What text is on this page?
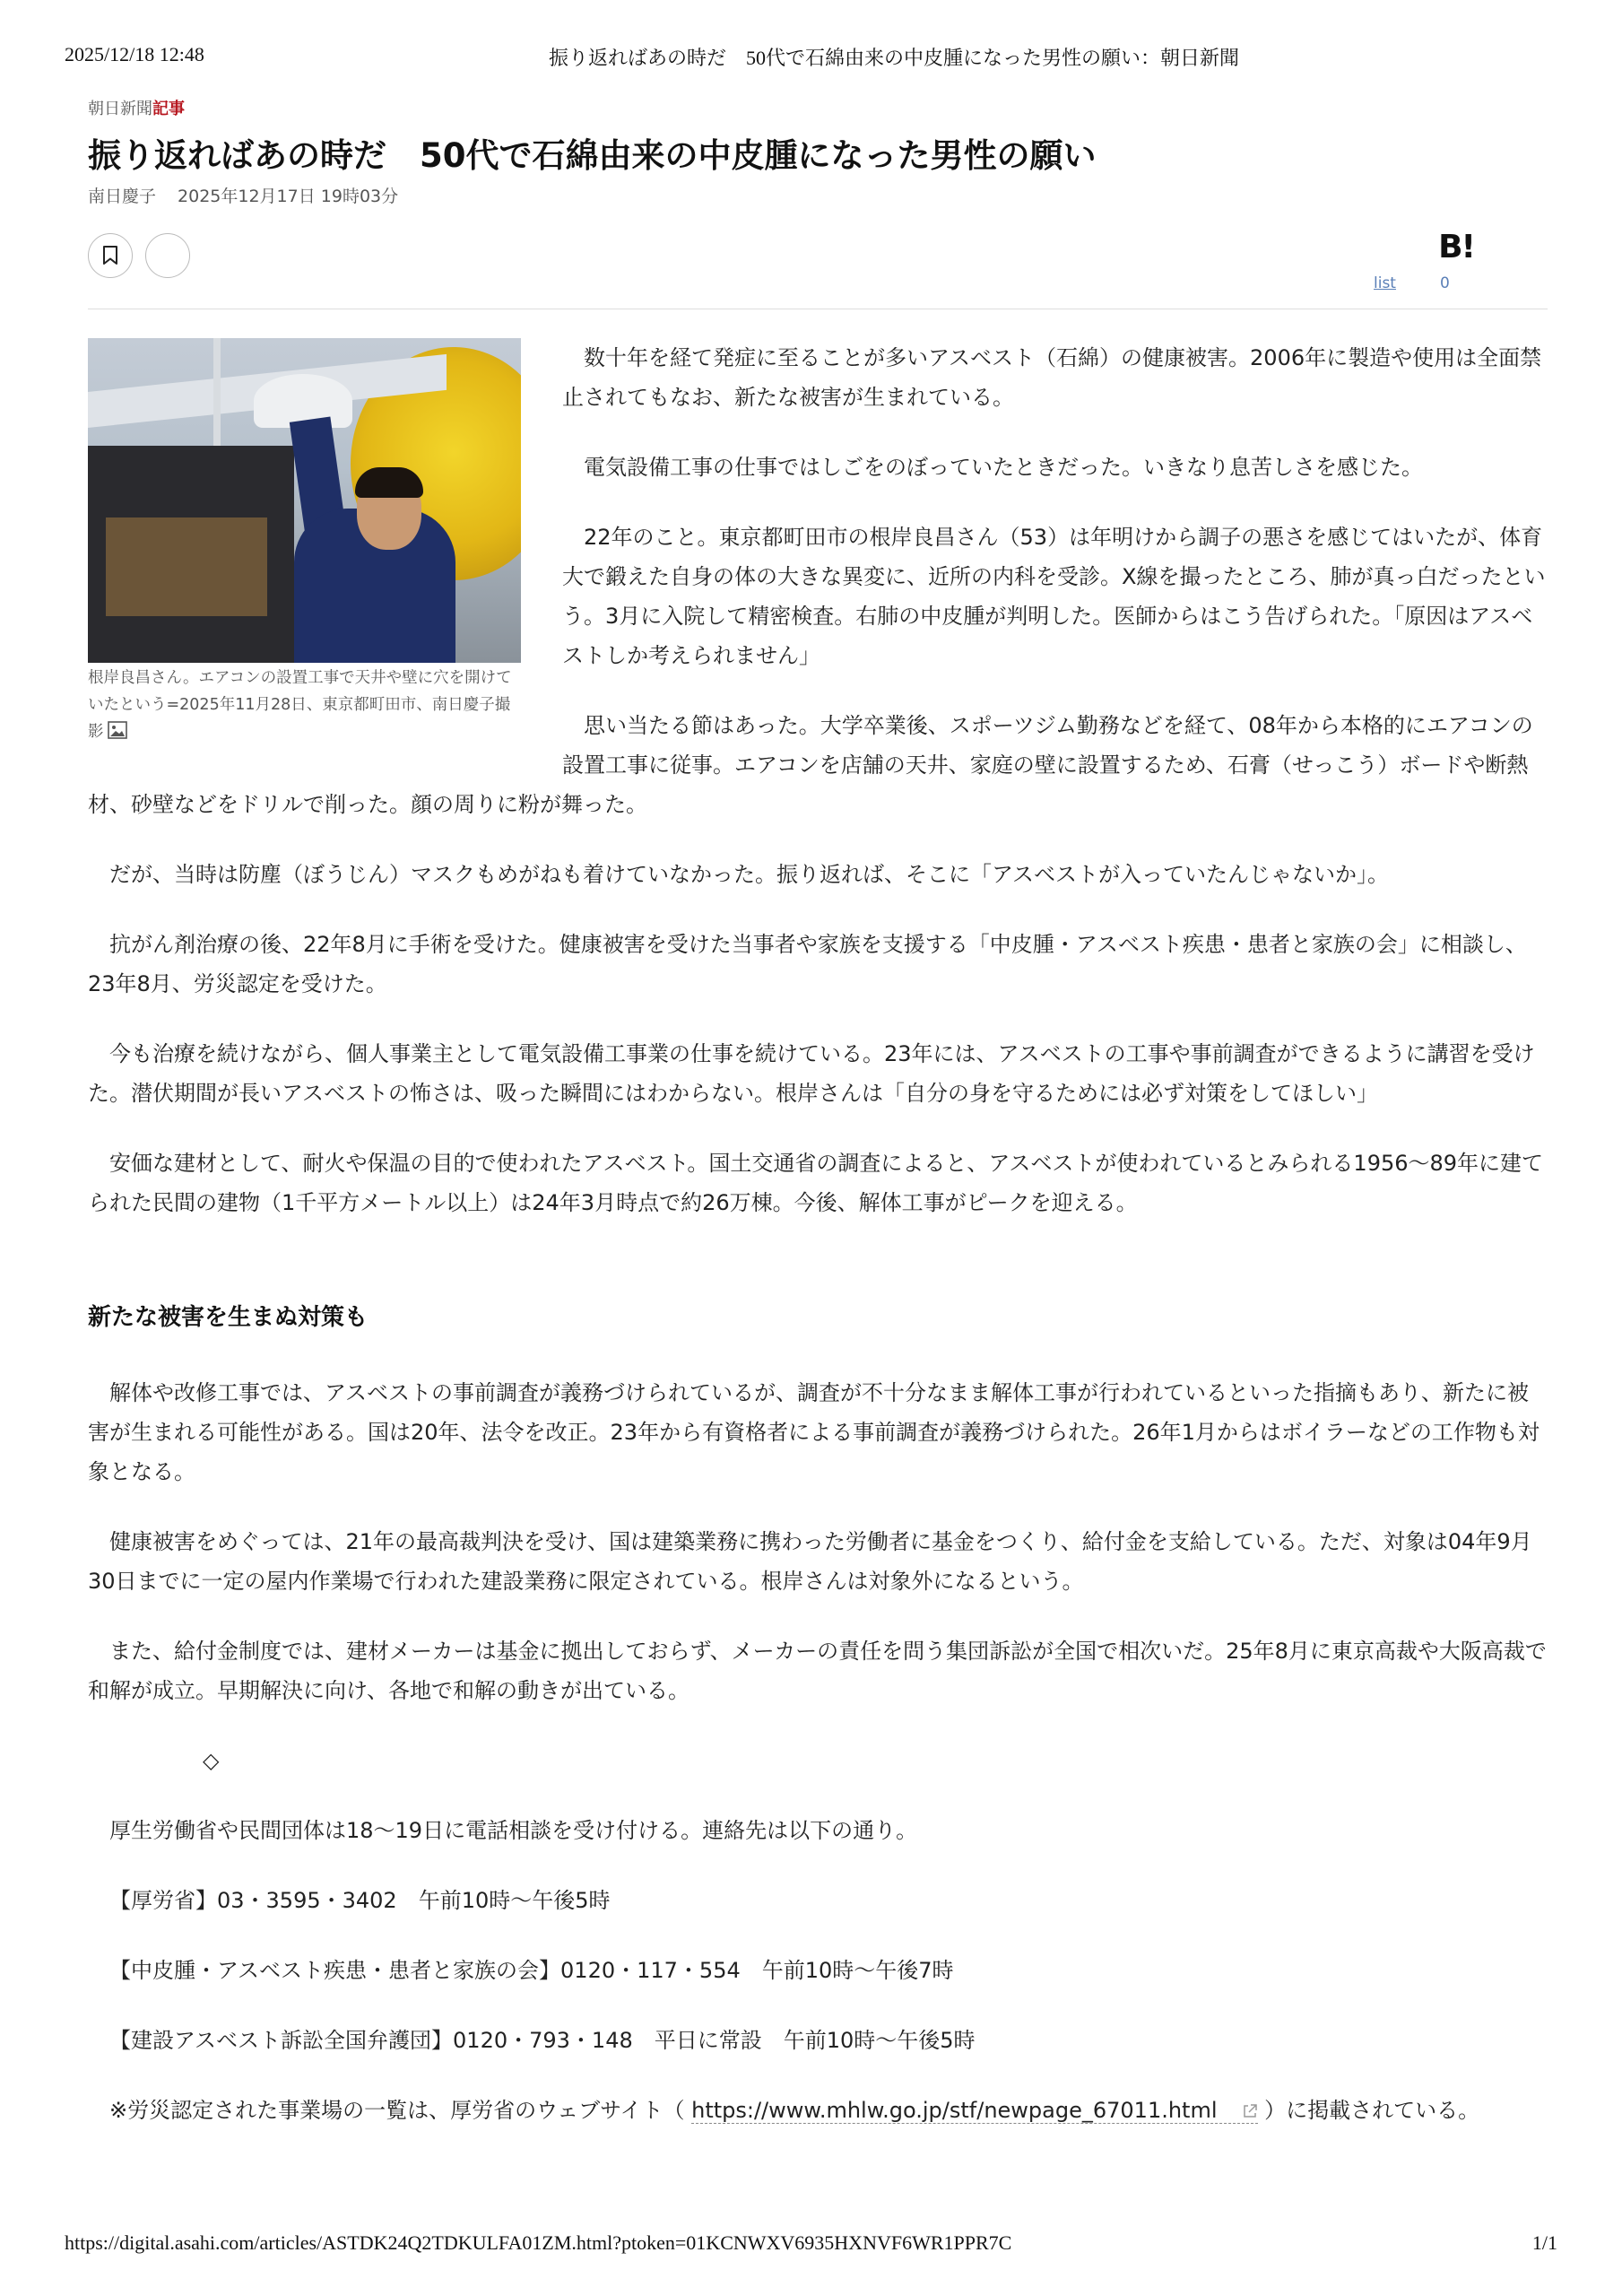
2025/12/18 12:48	振り返ればあの時だ　50代で石綿由来の中皮腫になった男性の願い：朝日新聞
朝日新聞記事
振り返ればあの時だ　50代で石綿由来の中皮腫になった男性の願い
南日慶子 2025年12月17日 19時03分
B!
list	0
根岸良昌さん。エアコンの設置工事で天井や壁に穴を開けていたという=2025年11月28日、東京都町田市、南日慶子撮影

数十年を経て発症に至ることが多いアスベスト（石綿）の健康被害。2006年に製造や使用は全面禁止されてもなお、新たな被害が生まれている。

電気設備工事の仕事ではしごをのぼっていたときだった。いきなり息苦しさを感じた。

22年のこと。東京都町田市の根岸良昌さん（53）は年明けから調子の悪さを感じてはいたが、体育大で鍛えた自身の体の大きな異変に、近所の内科を受診。X線を撮ったところ、肺が真っ白だったという。3月に入院して精密検査。右肺の中皮腫が判明した。医師からはこう告げられた。「原因はアスベストしか考えられません」

思い当たる節はあった。大学卒業後、スポーツジム勤務などを経て、08年から本格的にエアコンの設置工事に従事。エアコンを店舗の天井、家庭の壁に設置するため、石膏（せっこう）ボードや断熱材、砂壁などをドリルで削った。顔の周りに粉が舞った。

だが、当時は防塵（ぼうじん）マスクもめがねも着けていなかった。振り返れば、そこに「アスベストが入っていたんじゃないか」。

抗がん剤治療の後、22年8月に手術を受けた。健康被害を受けた当事者や家族を支援する「中皮腫・アスベスト疾患・患者と家族の会」に相談し、23年8月、労災認定を受けた。

今も治療を続けながら、個人事業主として電気設備工事業の仕事を続けている。23年には、アスベストの工事や事前調査ができるように講習を受けた。潜伏期間が長いアスベストの怖さは、吸った瞬間にはわからない。根岸さんは「自分の身を守るためには必ず対策をしてほしい」

安価な建材として、耐火や保温の目的で使われたアスベスト。国土交通省の調査によると、アスベストが使われているとみられる1956〜89年に建てられた民間の建物（1千平方メートル以上）は24年3月時点で約26万棟。今後、解体工事がピークを迎える。

新たな被害を生まぬ対策も

解体や改修工事では、アスベストの事前調査が義務づけられているが、調査が不十分なまま解体工事が行われているといった指摘もあり、新たに被害が生まれる可能性がある。国は20年、法令を改正。23年から有資格者による事前調査が義務づけられた。26年1月からはボイラーなどの工作物も対象となる。

健康被害をめぐっては、21年の最高裁判決を受け、国は建築業務に携わった労働者に基金をつくり、給付金を支給している。ただ、対象は04年9月30日までに一定の屋内作業場で行われた建設業務に限定されている。根岸さんは対象外になるという。

また、給付金制度では、建材メーカーは基金に拠出しておらず、メーカーの責任を問う集団訴訟が全国で相次いだ。25年8月に東京高裁や大阪高裁で和解が成立。早期解決に向け、各地で和解の動きが出ている。

◇

厚生労働省や民間団体は18〜19日に電話相談を受け付ける。連絡先は以下の通り。

【厚労省】03・3595・3402　午前10時〜午後5時

【中皮腫・アスベスト疾患・患者と家族の会】0120・117・554　午前10時〜午後7時

【建設アスベスト訴訟全国弁護団】0120・793・148　平日に常設　午前10時〜午後5時

※労災認定された事業場の一覧は、厚労省のウェブサイト（ https://www.mhlw.go.jp/stf/newpage_67011.html ）に掲載されている。

https://digital.asahi.com/articles/ASTDK24Q2TDKULFA01ZM.html?ptoken=01KCNWXV6935HXNVF6WR1PPR7C	1/1
